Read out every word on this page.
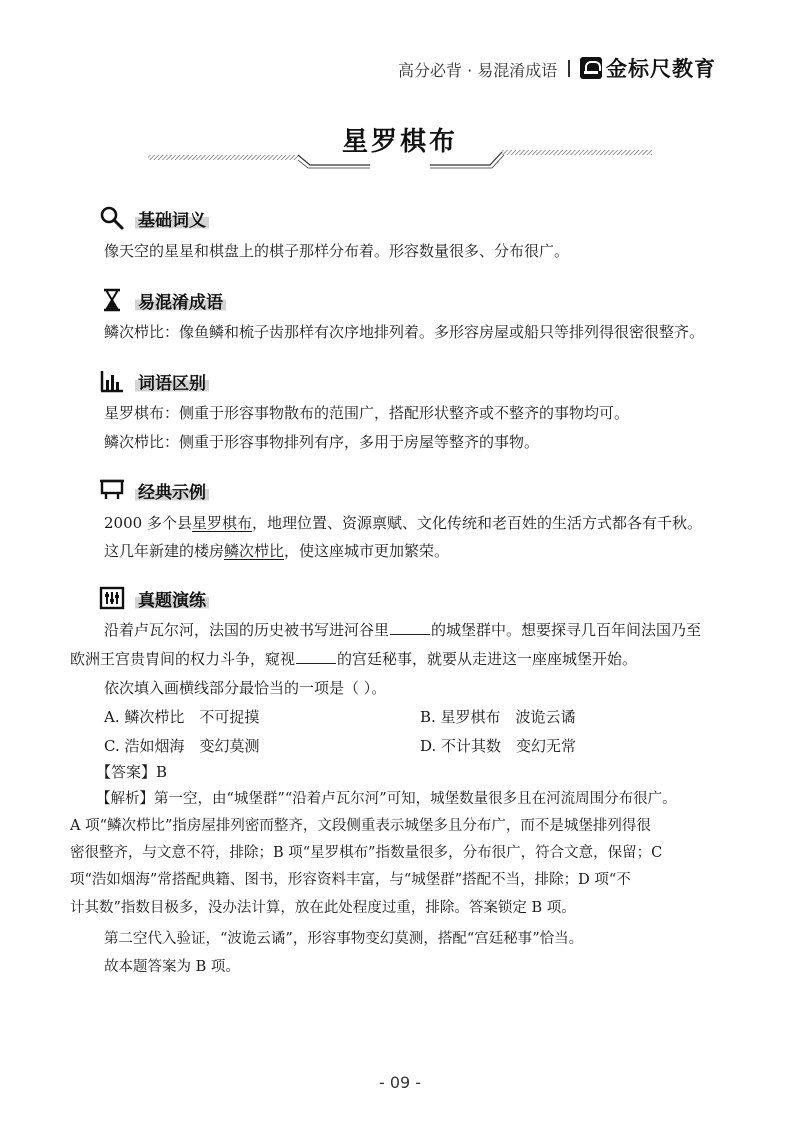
高分必背 · 易混淆成语 金标尺教育
星罗棋布
基础词义
像天空的星星和棋盘上的棋子那样分布着。形容数量很多、分布很广。
易混淆成语
鳞次栉比：像鱼鳞和梳子齿那样有次序地排列着。多形容房屋或船只等排列得很密很整齐。
词语区别
星罗棋布：侧重于形容事物散布的范围广，搭配形状整齐或不整齐的事物均可。
鳞次栉比：侧重于形容事物排列有序，多用于房屋等整齐的事物。
经典示例
2000 多个县星罗棋布，地理位置、资源禀赋、文化传统和老百姓的生活方式都各有千秋。
这几年新建的楼房鳞次栉比，使这座城市更加繁荣。
真题演练
沿着卢瓦尔河，法国的历史被书写进河谷里	的城堡群中。想要探寻几百年间法国乃至
欧洲王宫贵胄间的权力斗争，窥视	的宫廷秘事，就要从走进这一座座城堡开始。
依次填入画横线部分最恰当的一项是（ ）。
A. 鳞次栉比　不可捉摸	B. 星罗棋布　波诡云谲
C. 浩如烟海　变幻莫测	D. 不计其数　变幻无常
【答案】B
【解析】第一空，由“城堡群”“沿着卢瓦尔河”可知，城堡数量很多且在河流周围分布很广。
A 项“鳞次栉比”指房屋排列密而整齐，文段侧重表示城堡多且分布广，而不是城堡排列得很
密很整齐，与文意不符，排除；B 项“星罗棋布”指数量很多，分布很广，符合文意，保留；C
项“浩如烟海”常搭配典籍、图书，形容资料丰富，与“城堡群”搭配不当，排除；D 项“不
计其数”指数目极多，没办法计算，放在此处程度过重，排除。答案锁定 B 项。
第二空代入验证，“波诡云谲”，形容事物变幻莫测，搭配“宫廷秘事”恰当。
故本题答案为 B 项。
- 09 -
